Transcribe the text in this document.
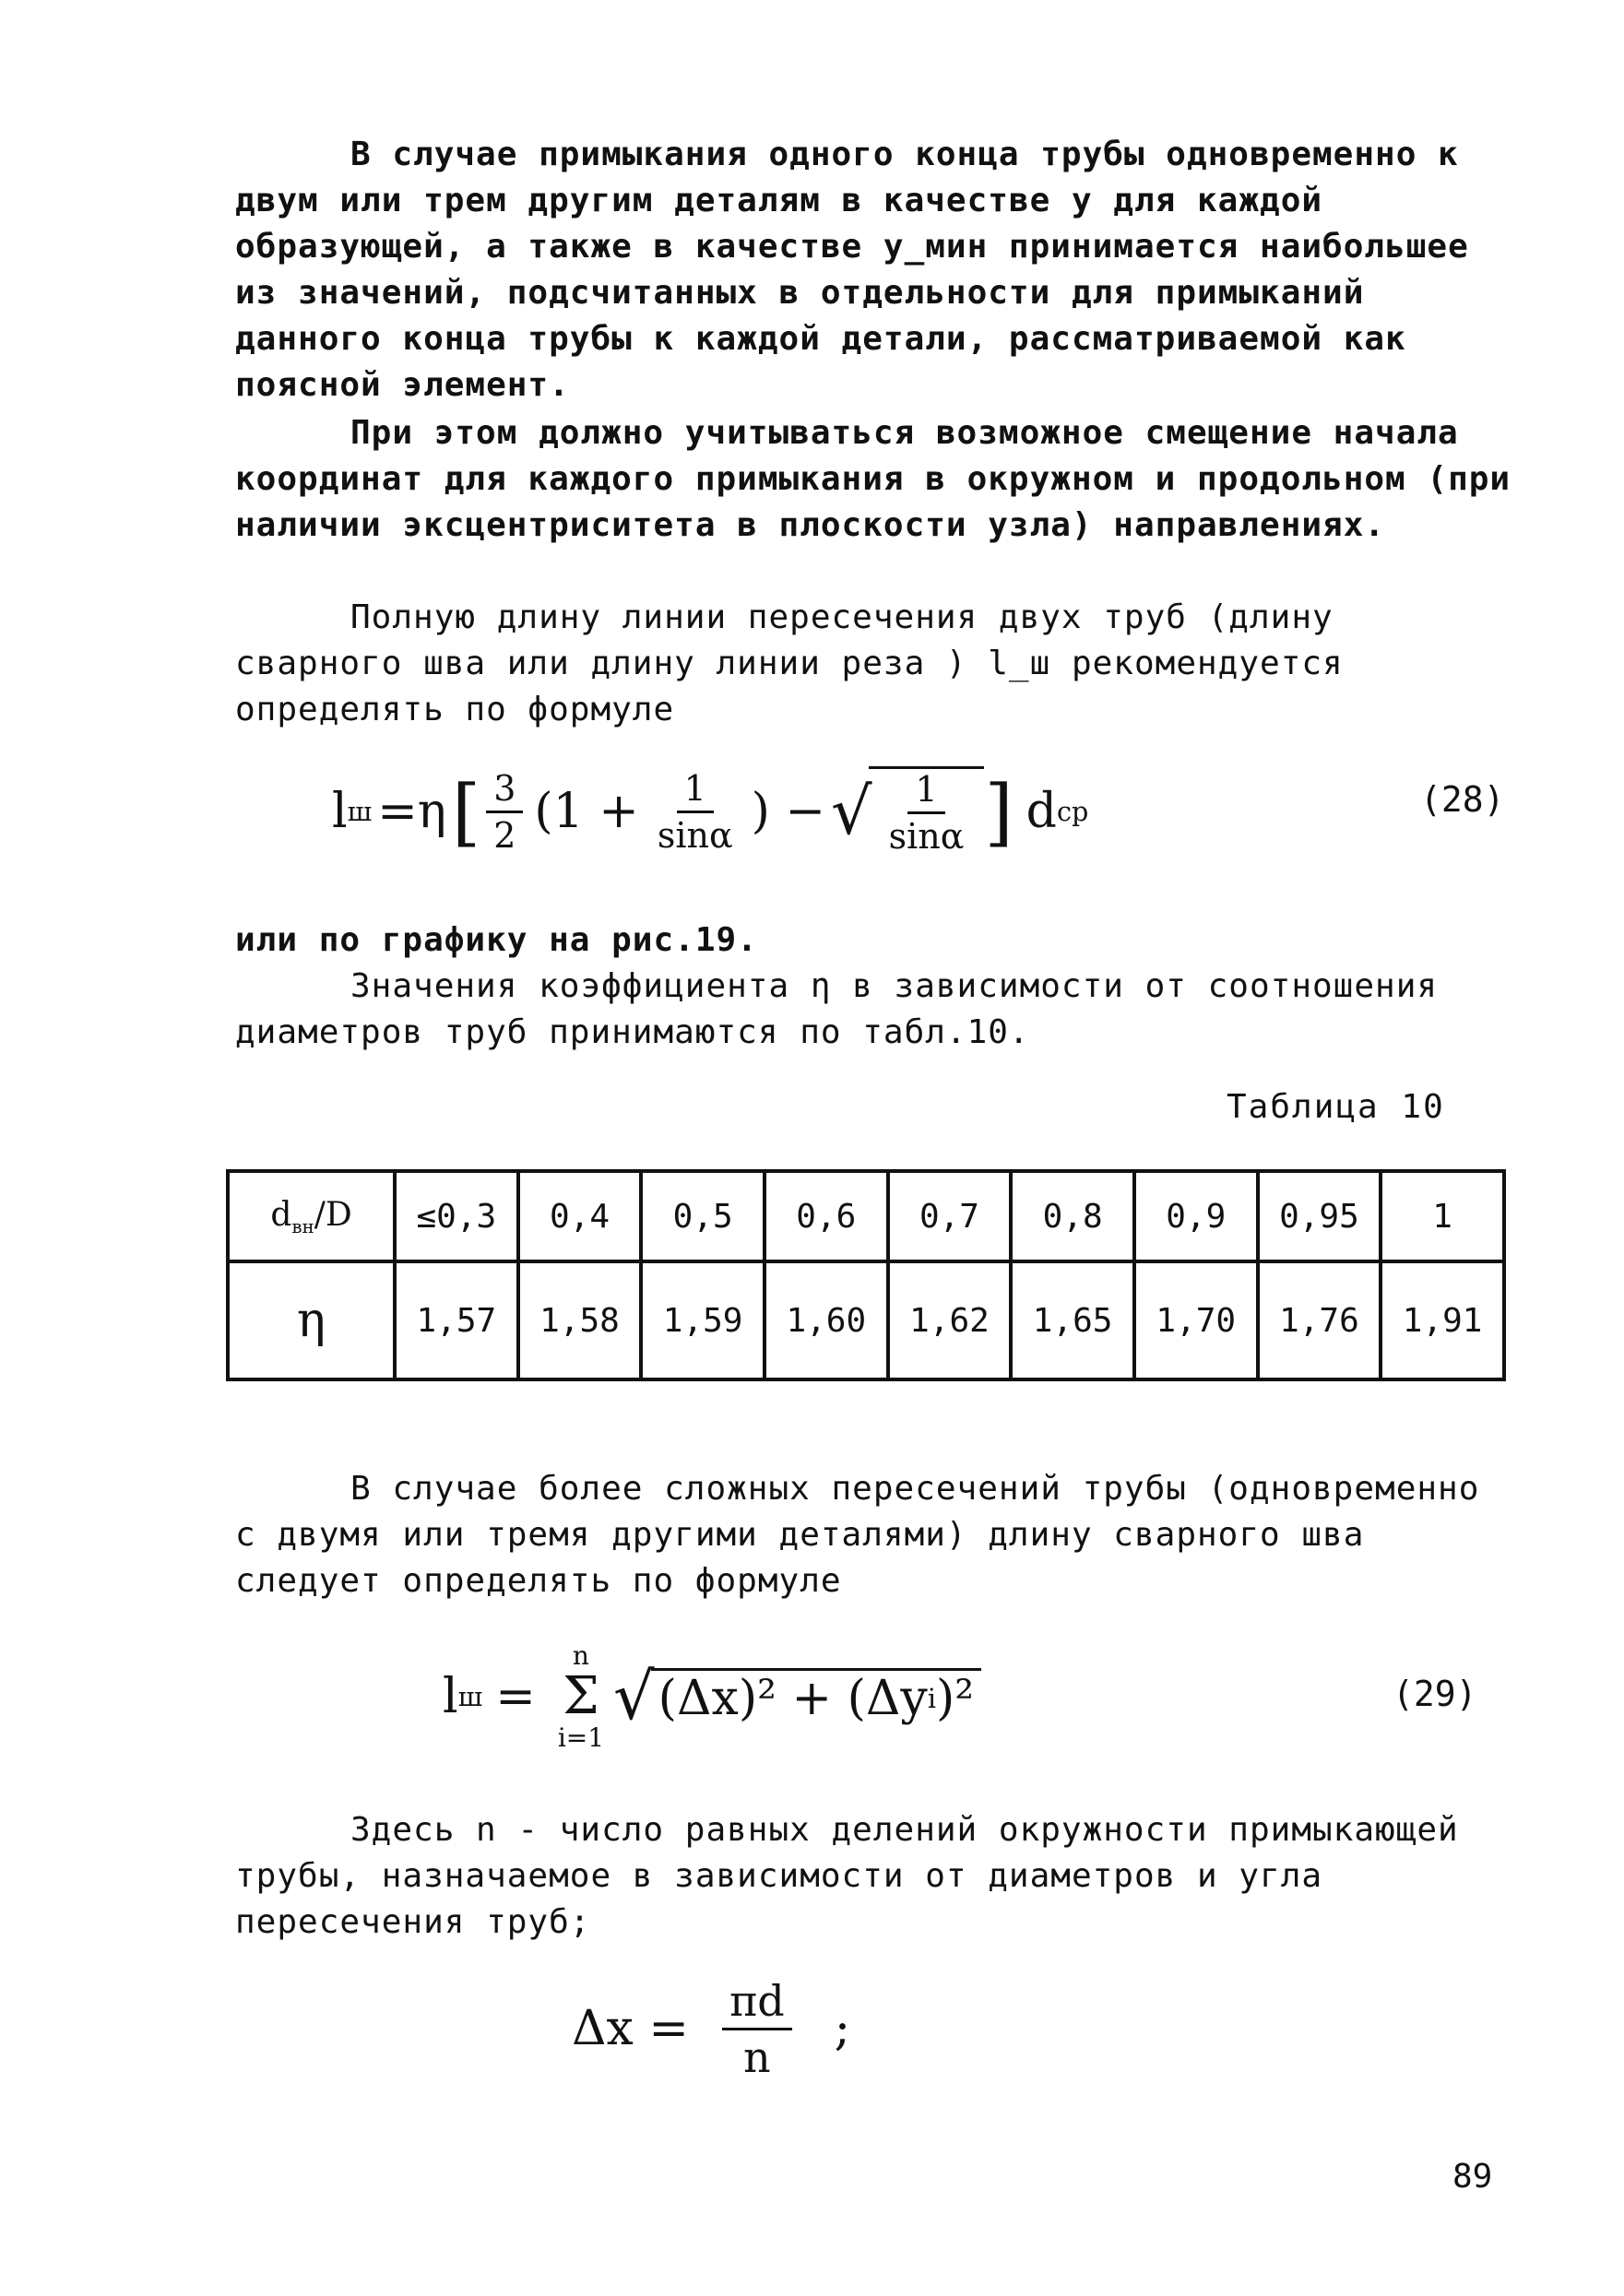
В случае примыкания одного конца трубы одновременно к двум или трем другим деталям в качестве y для каждой образующей, а также в качестве y_мин принимается наибольшее из значений, подсчитанных в отдельности для примыканий данного конца трубы к каждой детали, рассматриваемой как поясной элемент.

При этом должно учитываться возможное смещение начала координат для каждого примыкания в окружном и продольном (при наличии эксцентриситета в плоскости узла) направлениях.

Полную длину линии пересечения двух труб (длину сварного шва или длину линии реза ) l_ш рекомендуется определять по формуле

l ш =η [ $\frac{3}{2} (1 + \frac{1}{\sin\alpha}$ ) − √ $\frac{1}{\sin\alpha}$ ] d ср	(28)

или по графику на рис.19.

Значения коэффициента η в зависимости от соотношения диаметров труб принимаются по табл.10.

Таблица 10
$d_{вн}/D$	≤0,3	0,4	0,5	0,6	0,7	0,8	0,9	0,95	1
η	1,57	1,58	1,59	1,60	1,62	1,65	1,70	1,76	1,91

В случае более сложных пересечений трубы (одновременно с двумя или тремя другими деталями) длину сварного шва следует определять по формуле

l ш =
n
Σ
i=1
√ (Δx)² + (Δy i )²	(29)

Здесь n - число равных делений окружности примыкающей трубы, назначаемое в зависимости от диаметров и угла пересечения труб;

$\Delta x = \frac{\pi d}{n}$ ;
89
